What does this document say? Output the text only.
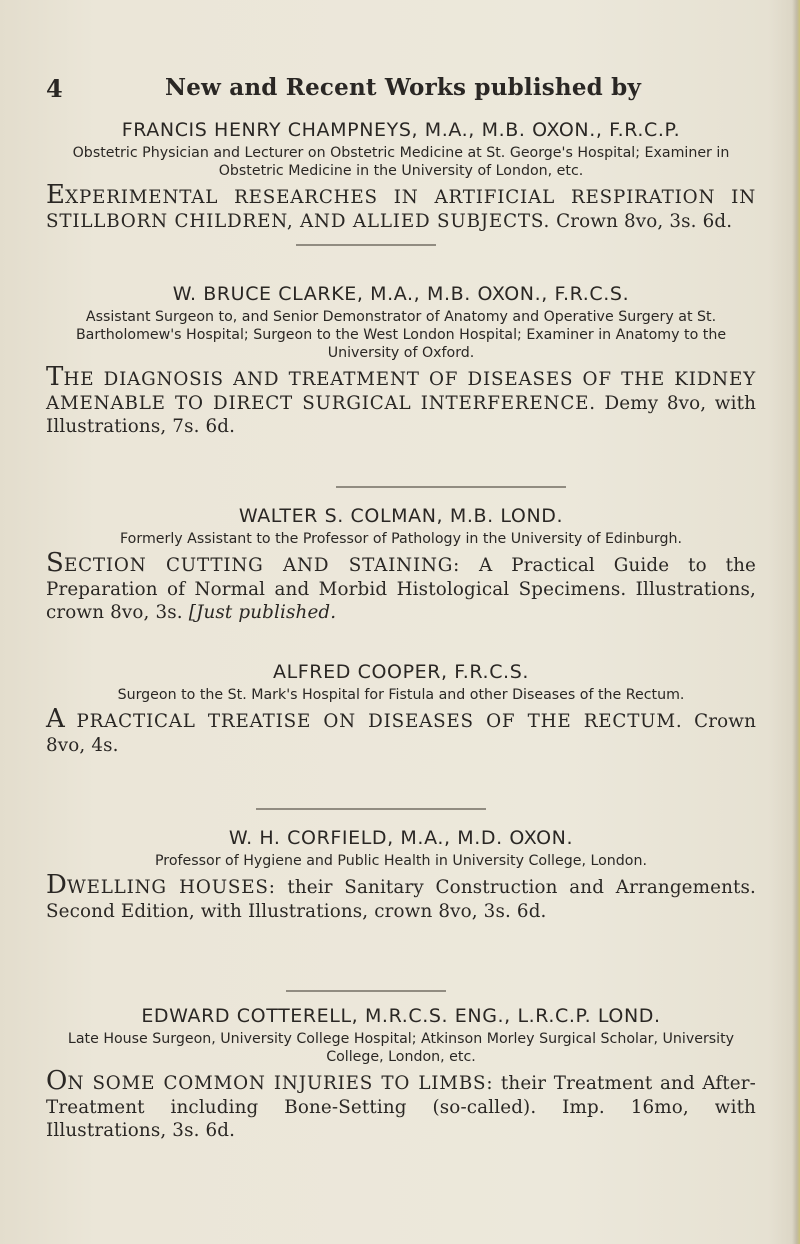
4	New and Recent Works published by

FRANCIS HENRY CHAMPNEYS, M.A., M.B. OXON., F.R.C.P.

Obstetric Physician and Lecturer on Obstetric Medicine at St. George's Hospital; Examiner in Obstetric Medicine in the University of London, etc.

EXPERIMENTAL RESEARCHES IN ARTIFICIAL RESPIRATION IN STILLBORN CHILDREN, AND ALLIED SUBJECTS. Crown 8vo, 3s. 6d.

W. BRUCE CLARKE, M.A., M.B. OXON., F.R.C.S.

Assistant Surgeon to, and Senior Demonstrator of Anatomy and Operative Surgery at St. Bartholomew's Hospital; Surgeon to the West London Hospital; Examiner in Anatomy to the University of Oxford.

THE DIAGNOSIS AND TREATMENT OF DISEASES OF THE KIDNEY AMENABLE TO DIRECT SURGICAL INTERFERENCE. Demy 8vo, with Illustrations, 7s. 6d.

WALTER S. COLMAN, M.B. LOND.

Formerly Assistant to the Professor of Pathology in the University of Edinburgh.

SECTION CUTTING AND STAINING: A Practical Guide to the Preparation of Normal and Morbid Histological Specimens. Illustrations, crown 8vo, 3s. [Just published.

ALFRED COOPER, F.R.C.S.

Surgeon to the St. Mark's Hospital for Fistula and other Diseases of the Rectum.

A PRACTICAL TREATISE ON DISEASES OF THE RECTUM. Crown 8vo, 4s.

W. H. CORFIELD, M.A., M.D. OXON.

Professor of Hygiene and Public Health in University College, London.

DWELLING HOUSES: their Sanitary Construction and Arrangements. Second Edition, with Illustrations, crown 8vo, 3s. 6d.

EDWARD COTTERELL, M.R.C.S. ENG., L.R.C.P. LOND.

Late House Surgeon, University College Hospital; Atkinson Morley Surgical Scholar, University College, London, etc.

ON SOME COMMON INJURIES TO LIMBS: their Treatment and After-Treatment including Bone-Setting (so-called). Imp. 16mo, with Illustrations, 3s. 6d.
